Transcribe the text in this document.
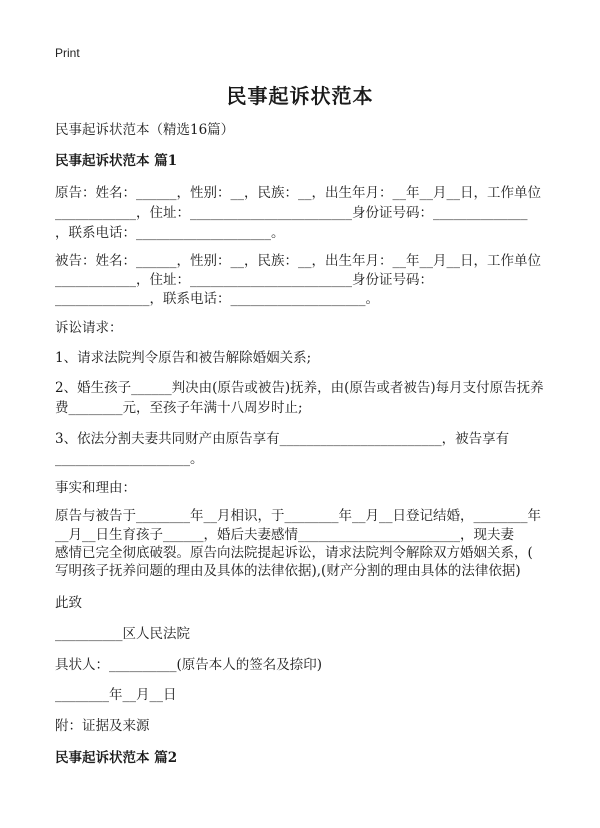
Print
民事起诉状范本
民事起诉状范本（精选16篇）
民事起诉状范本 篇1
原告：姓名：______，性别：__，民族：__，出生年月：__年__月__日，工作单位
____________，住址：________________________身份证号码：______________
，联系电话：____________________。
被告：姓名：______，性别：__，民族：__，出生年月：__年__月__日，工作单位
____________，住址：________________________身份证号码：
______________，联系电话：____________________。
诉讼请求：
1、请求法院判令原告和被告解除婚姻关系;
2、婚生孩子______判决由(原告或被告)抚养，由(原告或者被告)每月支付原告抚养
费________元，至孩子年满十八周岁时止;
3、依法分割夫妻共同财产由原告享有________________________，被告享有
____________________。
事实和理由：
原告与被告于________年__月相识，于________年__月__日登记结婚，________年
__月__日生育孩子______，婚后夫妻感情________________________，现夫妻
感情已完全彻底破裂。原告向法院提起诉讼，请求法院判令解除双方婚姻关系，(
写明孩子抚养问题的理由及具体的法律依据),(财产分割的理由具体的法律依据)
此致
__________区人民法院
具状人：__________(原告本人的签名及捺印)
________年__月__日
附：证据及来源
民事起诉状范本 篇2
